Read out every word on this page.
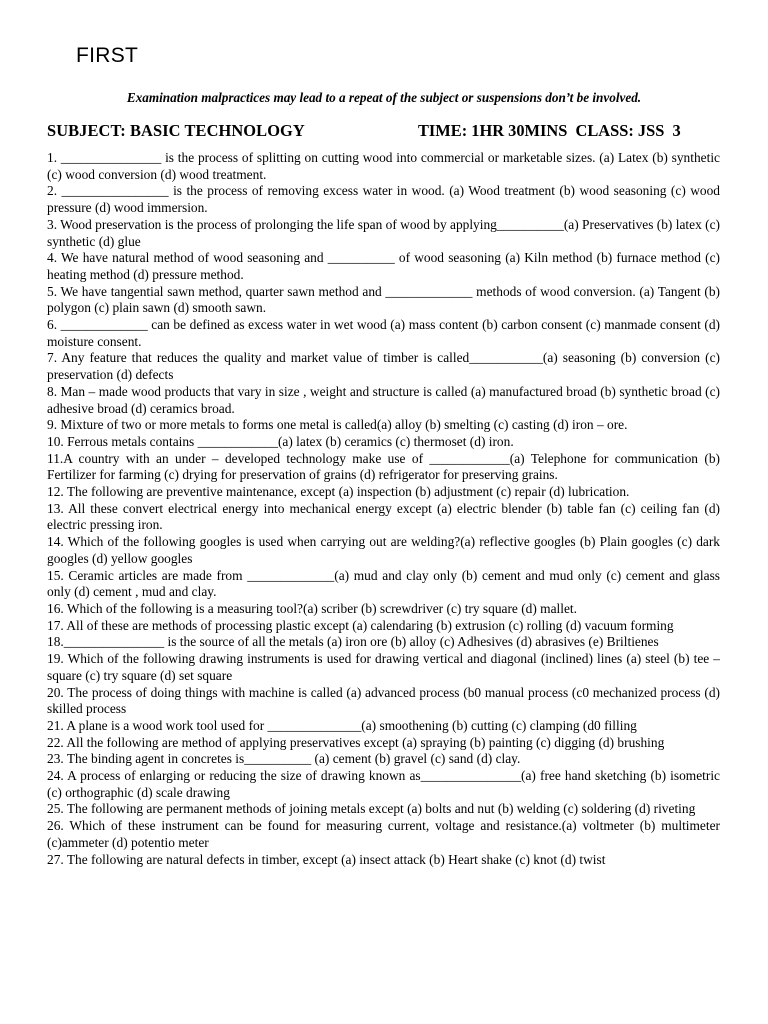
FIRST
Examination malpractices may lead to a repeat of the subject or suspensions don’t be involved.
SUBJECT: BASIC TECHNOLOGY	TIME: 1HR 30MINS  CLASS: JSS  3
1. _______________ is the process of splitting on cutting wood into commercial or marketable sizes. (a) Latex (b) synthetic (c) wood conversion (d) wood treatment.
2. ________________ is the process of removing excess water in wood. (a) Wood treatment (b) wood seasoning (c) wood pressure (d) wood immersion.
3. Wood preservation is the process of prolonging the life span of wood by applying__________(a) Preservatives (b) latex (c) synthetic (d) glue
4. We have natural method of wood seasoning and __________ of wood seasoning (a) Kiln method (b) furnace method (c) heating method (d) pressure method.
5. We have tangential sawn method, quarter sawn method and _____________ methods of wood conversion. (a) Tangent (b) polygon (c) plain sawn (d) smooth sawn.
6. _____________ can be defined as excess water in wet wood (a) mass content (b) carbon consent (c) manmade consent (d) moisture consent.
7. Any feature that reduces the quality and market value of timber is called___________(a) seasoning (b) conversion (c) preservation (d) defects
8. Man – made wood products that vary in size , weight and structure is called (a) manufactured broad (b) synthetic broad (c) adhesive broad (d) ceramics broad.
9. Mixture of two or more metals to forms one metal is called(a) alloy (b) smelting (c) casting (d) iron – ore.
10. Ferrous metals contains ____________(a) latex (b) ceramics (c) thermoset (d) iron.
11.A country with an under – developed technology make use of ____________(a) Telephone for communication (b) Fertilizer for farming (c) drying for preservation of grains (d) refrigerator for preserving grains.
12. The following are preventive maintenance, except (a) inspection (b) adjustment (c) repair (d) lubrication.
13. All these convert electrical energy into mechanical energy except (a) electric blender (b) table fan (c) ceiling fan (d) electric pressing iron.
14. Which of the following googles is used when carrying out are welding?(a) reflective googles (b) Plain googles (c) dark googles (d) yellow googles
15. Ceramic articles are made from _____________(a) mud and clay only (b) cement and mud only (c) cement and glass only (d) cement , mud and clay.
16. Which of the following is a measuring tool?(a) scriber (b) screwdriver (c) try square (d) mallet.
17. All of these are methods of processing plastic except (a) calendaring (b) extrusion (c) rolling (d) vacuum forming
18._______________ is the source of all the metals (a) iron ore (b) alloy (c) Adhesives (d) abrasives (e) Briltienes
19. Which of the following drawing instruments is used for drawing vertical and diagonal (inclined) lines (a) steel (b) tee – square (c) try square (d) set square
20. The process of doing things with machine is called (a) advanced process (b0 manual process (c0 mechanized process (d) skilled process
21. A plane is a wood work tool used for ______________(a) smoothening (b) cutting (c) clamping (d0 filling
22. All the following are method of applying preservatives except (a) spraying (b) painting (c) digging (d) brushing
23. The binding agent in concretes is__________ (a) cement (b) gravel (c) sand (d) clay.
24. A process of enlarging or reducing the size of drawing known as_______________(a) free hand sketching (b) isometric (c) orthographic (d) scale drawing
25. The following are permanent methods of joining metals except (a) bolts and nut (b) welding (c) soldering (d) riveting
26. Which of these instrument can be found for measuring current, voltage and resistance.(a) voltmeter (b) multimeter (c)ammeter (d) potentio meter
27. The following are natural defects in timber, except (a) insect attack (b) Heart shake (c) knot (d) twist
